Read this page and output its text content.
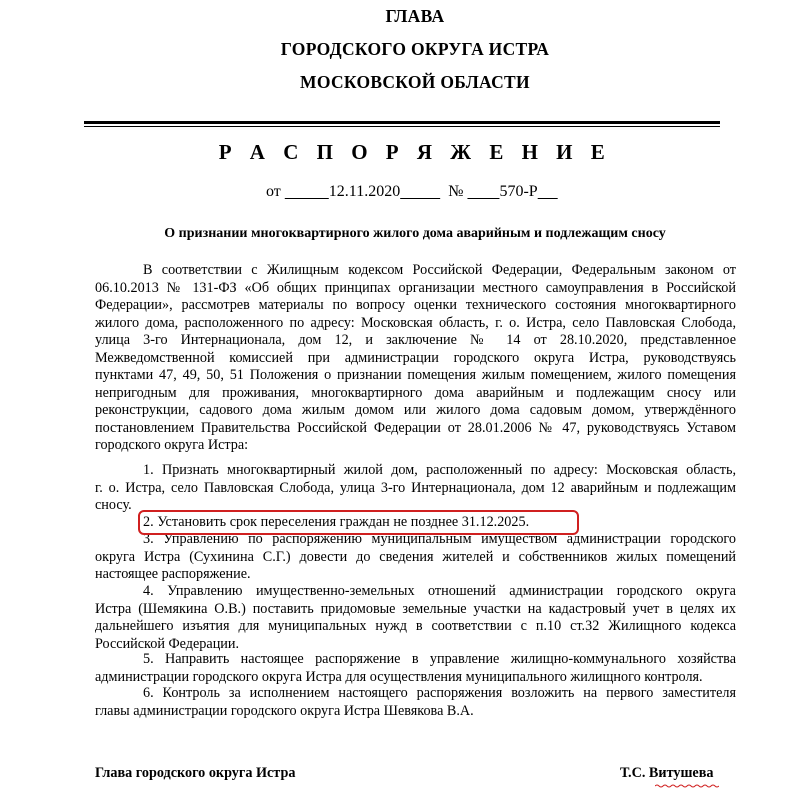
ГЛАВА
ГОРОДСКОГО ОКРУГА ИСТРА
МОСКОВСКОЙ ОБЛАСТИ
Р А С П О Р Я Ж Е Н И Е
от	12.11.2020	№ 570-Р
О признании многоквартирного жилого дома аварийным и подлежащим сносу
В соответствии с Жилищным кодексом Российской Федерации, Федеральным законом от
06.10.2013 № 131-ФЗ «Об общих принципах организации местного самоуправления в Российской
Федерации», рассмотрев материалы по вопросу оценки технического состояния многоквартирного
жилого дома, расположенного по адресу: Московская область, г. о. Истра, село Павловская Слобода,
улица 3-го Интернационала, дом 12, и заключение № 14 от 28.10.2020, представленное
Межведомственной комиссией при администрации городского округа Истра, руководствуясь
пунктами 47, 49, 50, 51 Положения о признании помещения жилым помещением, жилого помещения
непригодным для проживания, многоквартирного дома аварийным и подлежащим сносу или
реконструкции, садового дома жилым домом или жилого дома садовым домом, утверждённого
постановлением Правительства Российской Федерации от 28.01.2006 № 47, руководствуясь Уставом
городского округа Истра:
1. Признать многоквартирный жилой дом, расположенный по адресу: Московская область,
г. о. Истра, село Павловская Слобода, улица 3-го Интернационала, дом 12 аварийным и подлежащим
сносу.
2. Установить срок переселения граждан не позднее 31.12.2025.
3. Управлению по распоряжению муниципальным имуществом администрации городского
округа Истра (Сухинина С.Г.) довести до сведения жителей и собственников жилых помещений
настоящее распоряжение.
4. Управлению имущественно-земельных отношений администрации городского округа
Истра (Шемякина О.В.) поставить придомовые земельные участки на кадастровый учет в целях их
дальнейшего изъятия для муниципальных нужд в соответствии с п.10 ст.32 Жилищного кодекса
Российской Федерации.
5. Направить настоящее распоряжение в управление жилищно-коммунального хозяйства
администрации городского округа Истра для осуществления муниципального жилищного контроля.
6. Контроль за исполнением настоящего распоряжения возложить на первого заместителя
главы администрации городского округа Истра Шевякова В.А.
Глава городского округа Истра	Т.С. Витушева
